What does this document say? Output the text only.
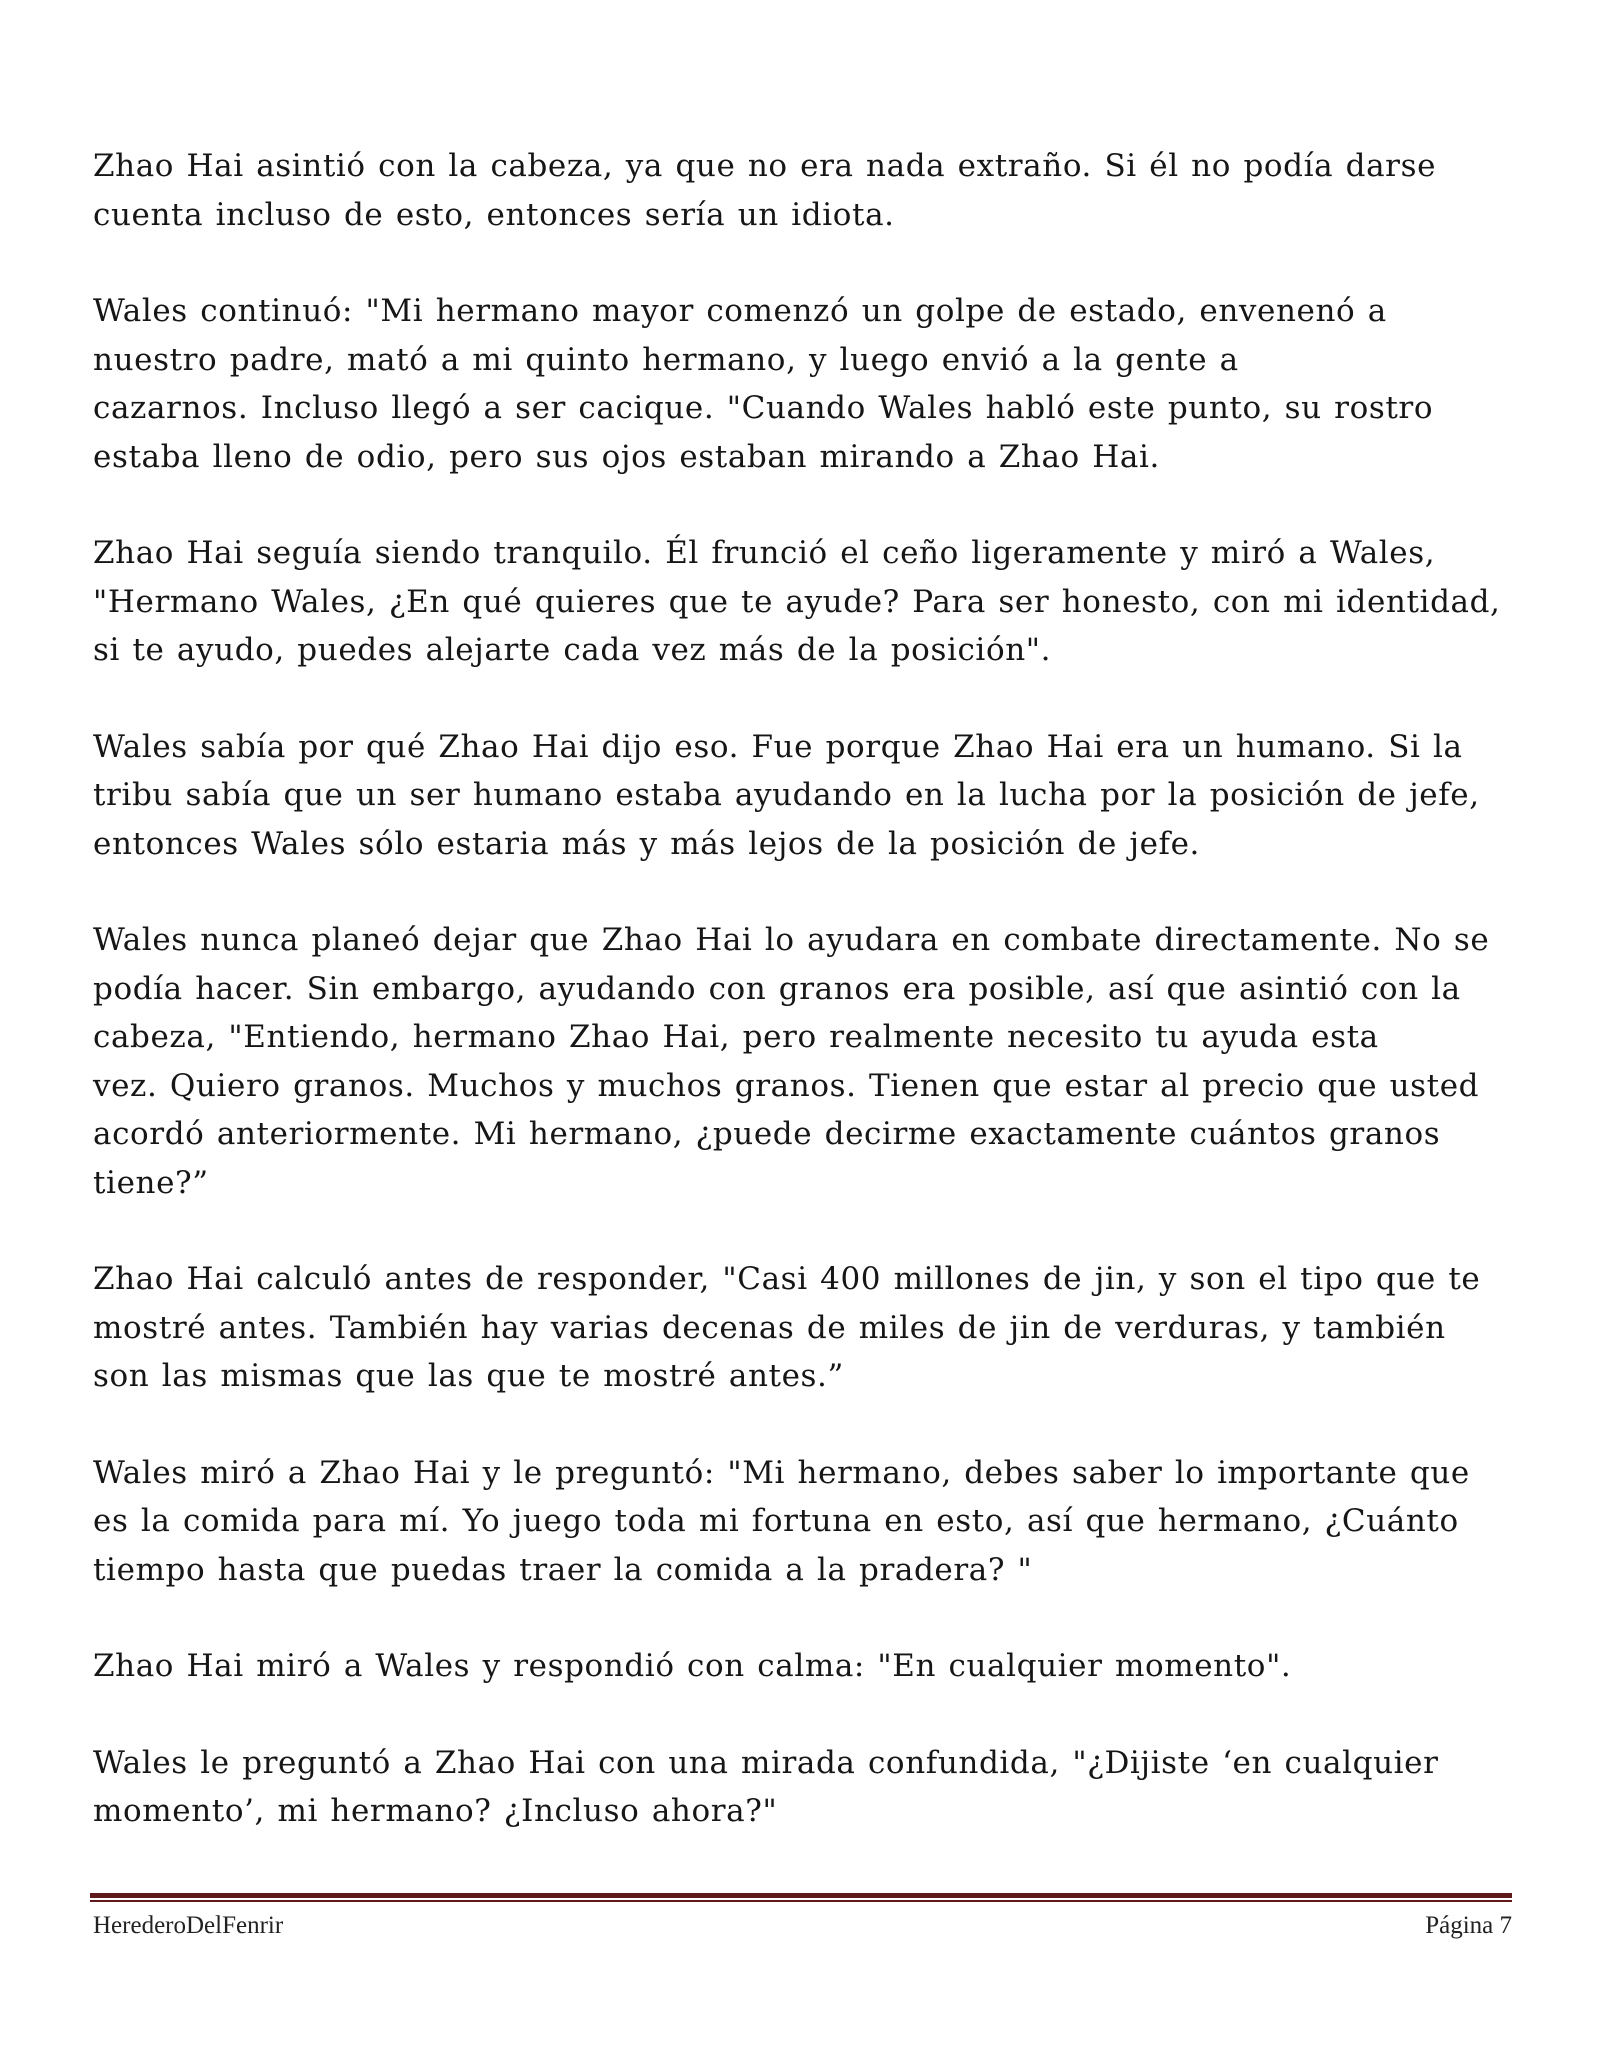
Zhao Hai asintió con la cabeza, ya que no era nada extraño. Si él no podía darse
cuenta incluso de esto, entonces sería un idiota.

Wales continuó: "Mi hermano mayor comenzó un golpe de estado, envenenó a
nuestro padre, mató a mi quinto hermano, y luego envió a la gente a
cazarnos. Incluso llegó a ser cacique. "Cuando Wales habló este punto, su rostro
estaba lleno de odio, pero sus ojos estaban mirando a Zhao Hai.

Zhao Hai seguía siendo tranquilo. Él frunció el ceño ligeramente y miró a Wales,
"Hermano Wales, ¿En qué quieres que te ayude? Para ser honesto, con mi identidad,
si te ayudo, puedes alejarte cada vez más de la posición".

Wales sabía por qué Zhao Hai dijo eso. Fue porque Zhao Hai era un humano. Si la
tribu sabía que un ser humano estaba ayudando en la lucha por la posición de jefe,
entonces Wales sólo estaria más y más lejos de la posición de jefe.

Wales nunca planeó dejar que Zhao Hai lo ayudara en combate directamente. No se
podía hacer. Sin embargo, ayudando con granos era posible, así que asintió con la
cabeza, "Entiendo, hermano Zhao Hai, pero realmente necesito tu ayuda esta
vez. Quiero granos. Muchos y muchos granos. Tienen que estar al precio que usted
acordó anteriormente. Mi hermano, ¿puede decirme exactamente cuántos granos
tiene?”

Zhao Hai calculó antes de responder, "Casi 400 millones de jin, y son el tipo que te
mostré antes. También hay varias decenas de miles de jin de verduras, y también
son las mismas que las que te mostré antes.”

Wales miró a Zhao Hai y le preguntó: "Mi hermano, debes saber lo importante que
es la comida para mí. Yo juego toda mi fortuna en esto, así que hermano, ¿Cuánto
tiempo hasta que puedas traer la comida a la pradera? "

Zhao Hai miró a Wales y respondió con calma: "En cualquier momento".

Wales le preguntó a Zhao Hai con una mirada confundida, "¿Dijiste ‘en cualquier
momento’, mi hermano? ¿Incluso ahora?"

HerederoDelFenrir	Página 7
